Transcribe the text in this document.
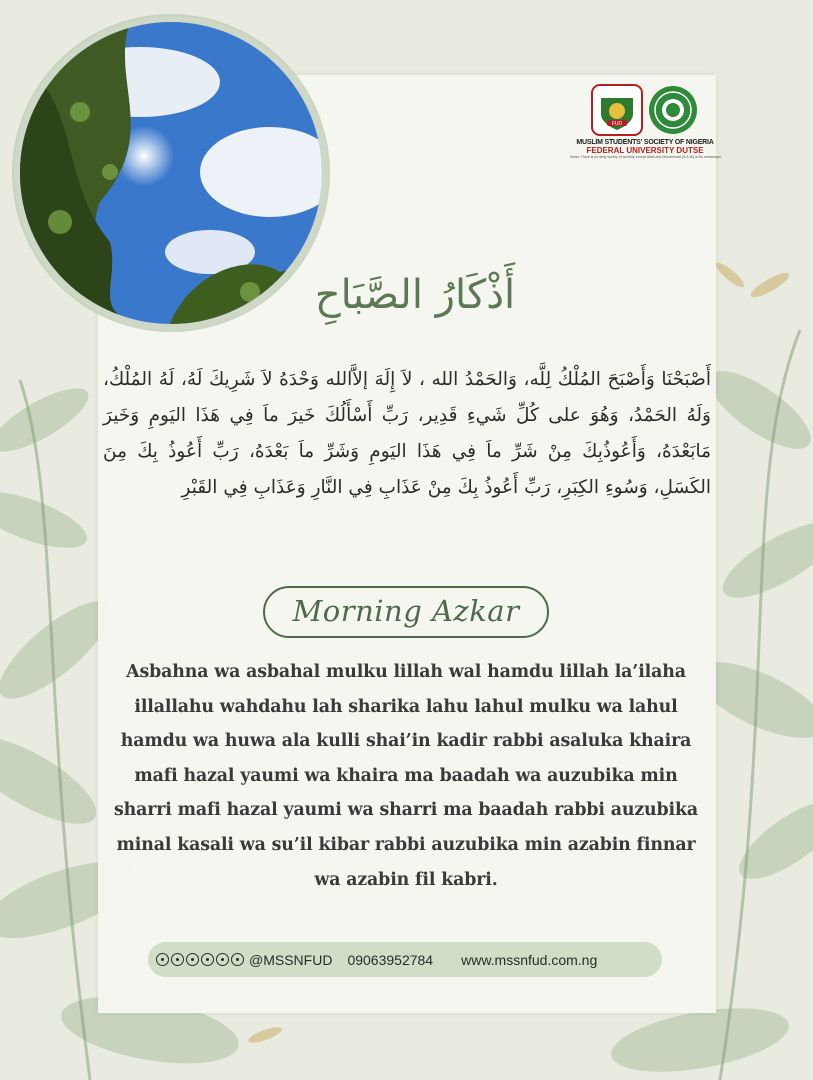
FUD
MUSLIM STUDENTS' SOCIETY OF NIGERIA
FEDERAL UNIVERSITY DUTSE
Motto: There is no deity worthy of worship except Allah and Muhammad (S.A.W) is his messenger
أَذْكَارُ الصَّبَاحِ
أَصْبَحْنَا وَأَصْبَحَ المُلْكُ لِلَّه، وَالحَمْدُ الله ، لاَ إِلَهَ إلاَّالله وَحْدَهُ لاَ شَرِيكَ لَهُ، لَهُ المُلْكُ، وَلَهُ الحَمْدُ، وَهُوَ على كُلِّ شَيءِ قَدِير، رَبِّ أَسْأَلُكَ خَيرَ ماَ فِي هَذَا اليَومِ وَخَيرَ مَابَعْدَهُ، وَأَعُوذُبِكَ مِنْ شَرِّ ماَ فِي هَذَا اليَومِ وَشَرِّ ماَ بَعْدَهُ، رَبِّ أَعُوذُ بِكَ مِنَ الكَسَلِ، وَسُوءِ الكِبَرِ، رَبِّ أَعُوذُ بِكَ مِنْ عَذَابِ فِي النَّارِ وَعَذَابِ فِي القَبْرِ
Morning Azkar
Asbahna wa asbahal mulku lillah wal hamdu lillah la’ilaha illallahu wahdahu lah sharika lahu lahul mulku wa lahul hamdu wa huwa ala kulli shai’in kadir rabbi asaluka khaira mafi hazal yaumi wa khaira ma baadah wa auzubika min sharri mafi hazal yaumi wa sharri ma baadah rabbi auzubika minal kasali wa su’il kibar rabbi auzubika min azabin finnar wa azabin fil kabri.
@MSSNFUD 09063952784 www.mssnfud.com.ng
